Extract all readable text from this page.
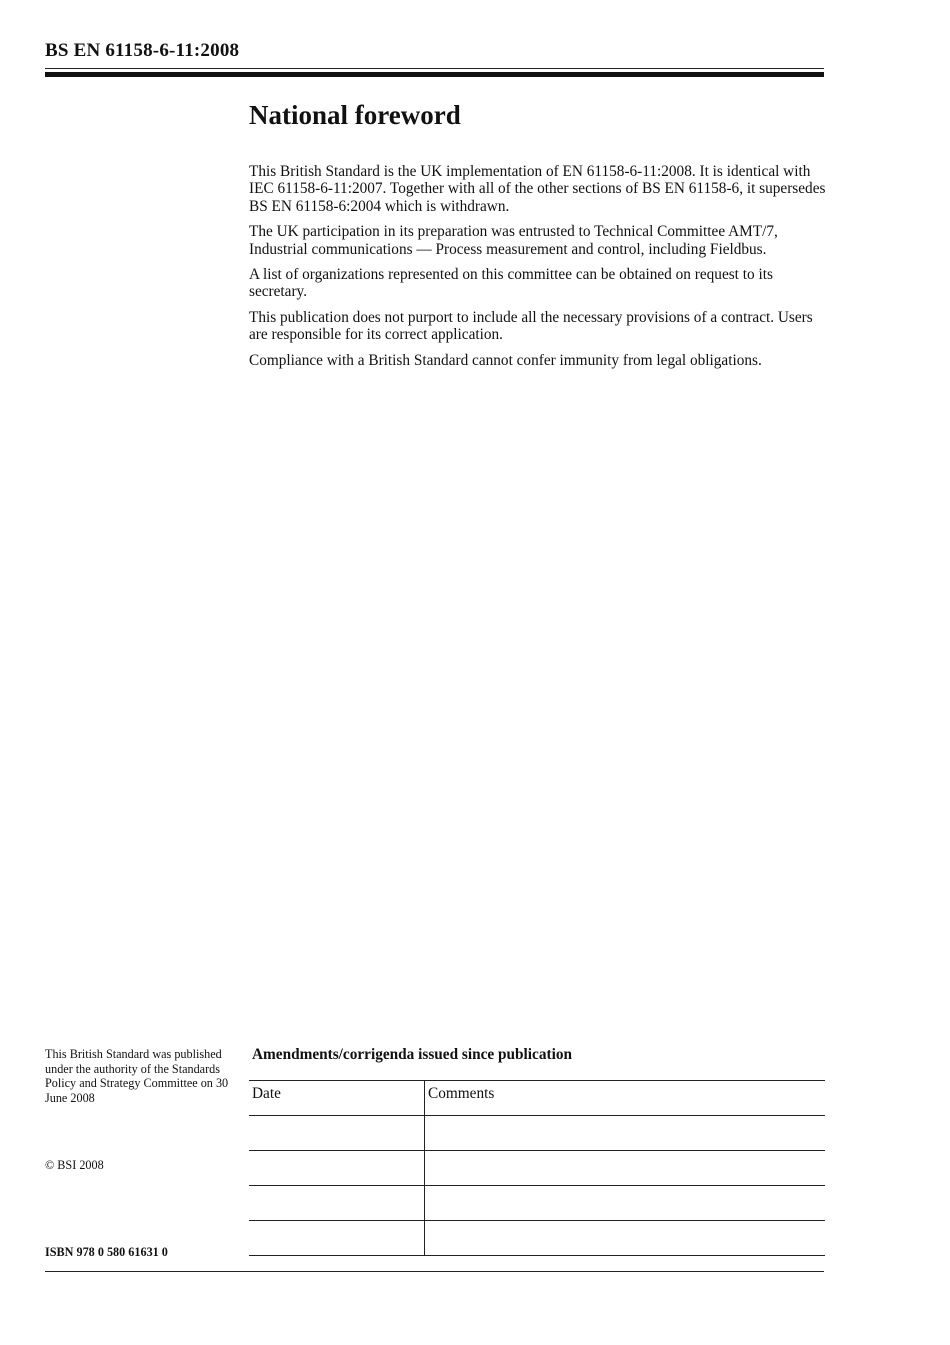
BS EN 61158-6-11:2008
National foreword

This British Standard is the UK implementation of EN 61158-6-11:2008. It is identical with IEC 61158-6-11:2007. Together with all of the other sections of BS EN 61158-6, it supersedes BS EN 61158-6:2004 which is withdrawn.

The UK participation in its preparation was entrusted to Technical Committee AMT/7, Industrial communications — Process measurement and control, including Fieldbus.

A list of organizations represented on this committee can be obtained on request to its secretary.

This publication does not purport to include all the necessary provisions of a contract. Users are responsible for its correct application.

Compliance with a British Standard cannot confer immunity from legal obligations.

This British Standard was published under the authority of the Standards Policy and Strategy Committee on 30 June 2008

© BSI 2008

ISBN 978 0 580 61631 0

Amendments/corrigenda issued since publication
Date	Comments
